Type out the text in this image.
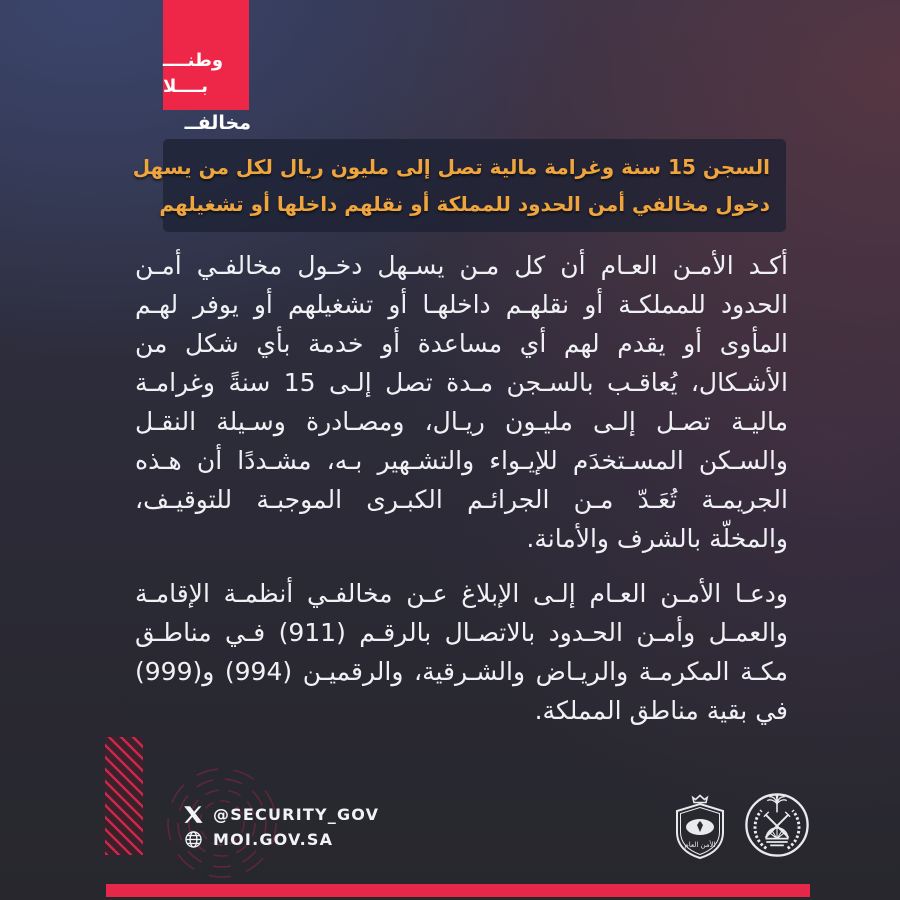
وطنــــ
بــــلا
مخالفــ
السجن 15 سنة وغرامة مالية تصل إلى مليون ريال لكل من يسهل
دخول مخالفي أمن الحدود للمملكة أو نقلهم داخلها أو تشغيلهم
أكـد الأمـن العـام أن كل مـن يسـهل دخـول مخالفـي أمـن
الحدود للمملكـة أو نقلهـم داخلهـا أو تشغيلهم أو يوفر لهـم
المأوى أو يقدم لهم أي مساعدة أو خدمة بأي شكل من
الأشـكال، يُعاقـب بالسـجن مـدة تصل إلـى 15 سنةً وغرامـة
ماليـة تصـل إلـى مليـون ريـال، ومصـادرة وسـيلة النقـل
والسـكن المسـتخدَم للإيـواء والتشـهير بـه، مشـددًا أن هـذه
الجريمـة تُعَـدّ مـن الجرائـم الكبـرى الموجبـة للتوقيـف،
والمخلّة بالشرف والأمانة.
ودعـا الأمـن العـام إلـى الإبلاغ عـن مخالفـي أنظمـة الإقامـة
والعمـل وأمـن الحـدود بالاتصـال بالرقـم (911) فـي مناطـق
مكـة المكرمـة والريـاض والشـرقية، والرقميـن (994) و(999)
في بقية مناطق المملكة.
@SECURITY_GOV
MOI.GOV.SA	الأمن العام
